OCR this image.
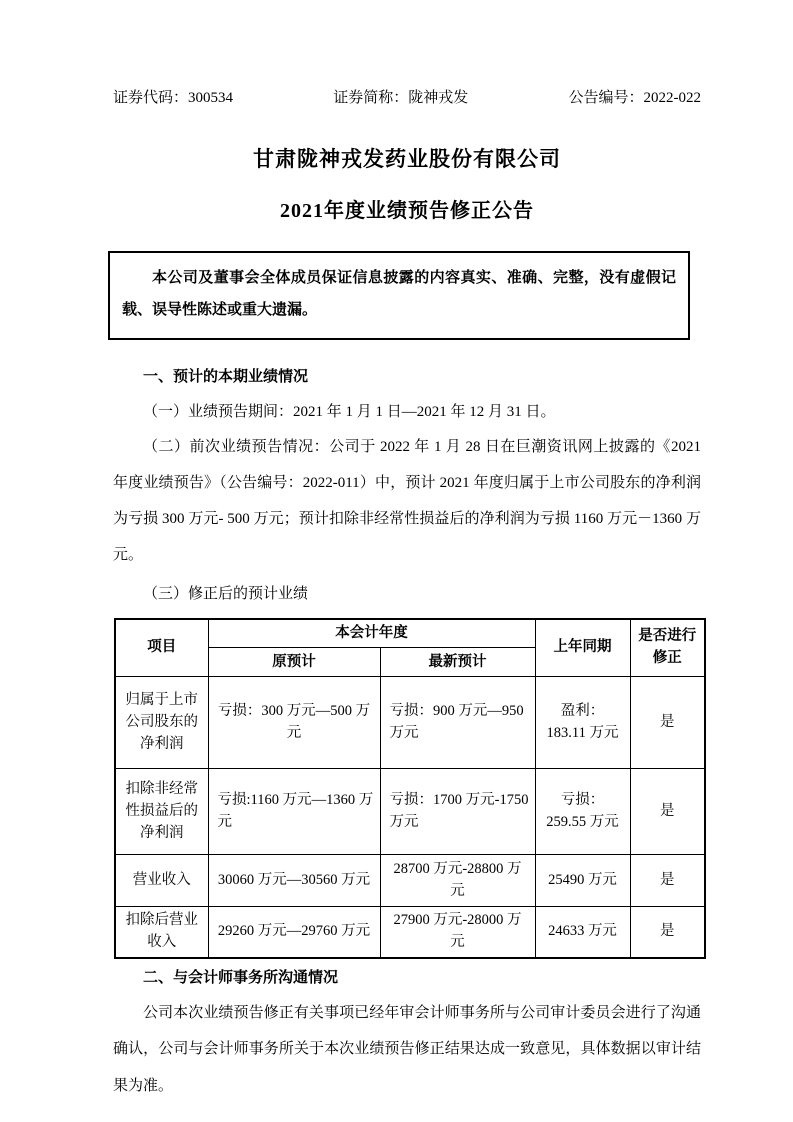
证券代码：300534	证券简称：陇神戎发	公告编号：2022-022
甘肃陇神戎发药业股份有限公司
2021年度业绩预告修正公告

本公司及董事会全体成员保证信息披露的内容真实、准确、完整，没有虚假记载、误导性陈述或重大遗漏。

一、预计的本期业绩情况
（一）业绩预告期间：2021 年 1 月 1 日—2021 年 12 月 31 日。
（二）前次业绩预告情况：公司于 2022 年 1 月 28 日在巨潮资讯网上披露的《2021 年度业绩预告》（公告编号：2022-011）中，预计 2021 年度归属于上市公司股东的净利润为亏损 300 万元- 500 万元；预计扣除非经常性损益后的净利润为亏损 1160 万元－1360 万元。
（三）修正后的预计业绩
项目	本会计年度		上年同期	是否进行修正
	原预计	最新预计		
归属于上市公司股东的净利润	亏损：300 万元—500 万元	亏损：900 万元—950 万元	盈利：183.11 万元	是
扣除非经常性损益后的净利润	亏损:1160 万元—1360 万元	亏损：1700 万元-1750 万元	亏损：259.55 万元	是
营业收入	30060 万元—30560 万元	28700 万元-28800 万元	25490 万元	是
扣除后营业收入	29260 万元—29760 万元	27900 万元-28000 万元	24633 万元	是
二、与会计师事务所沟通情况
公司本次业绩预告修正有关事项已经年审会计师事务所与公司审计委员会进行了沟通确认，公司与会计师事务所关于本次业绩预告修正结果达成一致意见，具体数据以审计结果为准。
